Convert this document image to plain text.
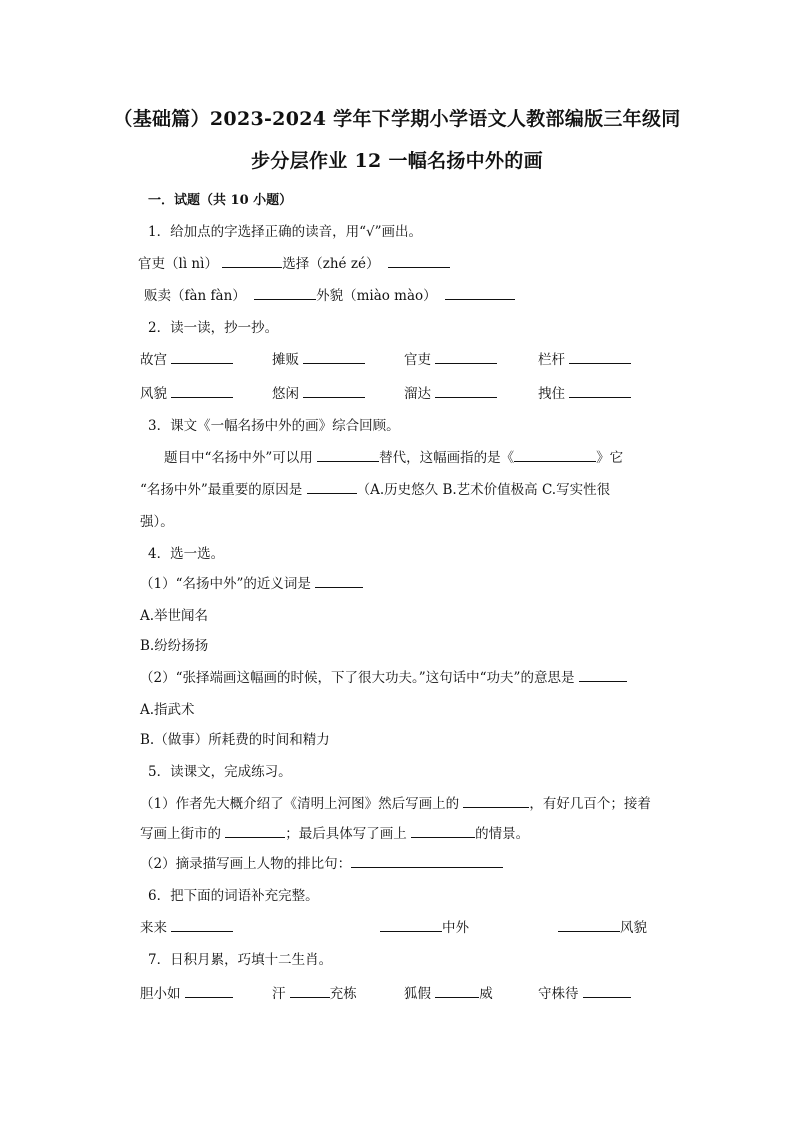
（基础篇）2023-2024 学年下学期小学语文人教部编版三年级同
步分层作业 12 一幅名扬中外的画
一．试题（共 10 小题）
1．给加点的字选择正确的读音，用“√”画出。
官吏（lì nì）	选择（zhé zé）
贩卖（fàn fàn）	外貌（miào mào）
2．读一读，抄一抄。
故宫	摊贩	官吏	栏杆
风貌	悠闲	溜达	拽住
3．课文《一幅名扬中外的画》综合回顾。
题目中“名扬中外”可以用	替代，这幅画指的是《	》它
“名扬中外”最重要的原因是	（A.历史悠久 B.艺术价值极高 C.写实性很
强）。
4．选一选。
（1）“名扬中外”的近义词是
A.举世闻名
B.纷纷扬扬
（2）“张择端画这幅画的时候，下了很大功夫。”这句话中“功夫”的意思是
A.指武术
B.（做事）所耗费的时间和精力
5．读课文，完成练习。
（1）作者先大概介绍了《清明上河图》然后写画上的	，有好几百个；接着
写画上街市的	；最后具体写了画上	的情景。
（2）摘录描写画上人物的排比句：
6．把下面的词语补充完整。
来来	中外	风貌
7．日积月累，巧填十二生肖。
胆小如	汗	充栋	狐假	威	守株待
